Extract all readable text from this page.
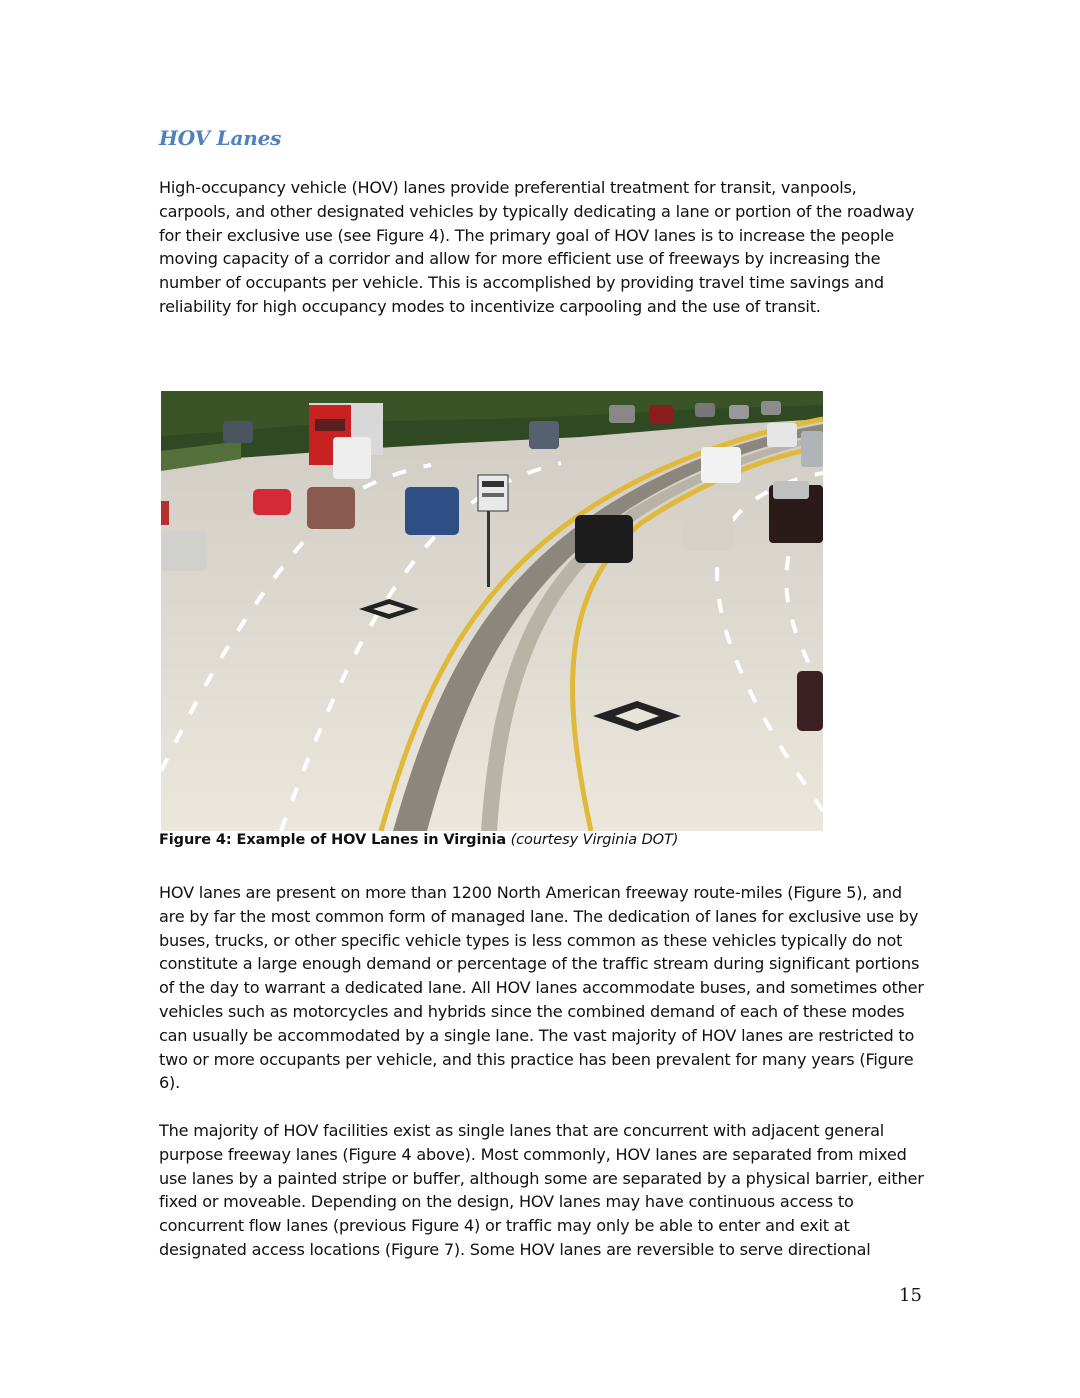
HOV Lanes

High-occupancy vehicle (HOV) lanes provide preferential treatment for transit, vanpools, carpools, and other designated vehicles by typically dedicating a lane or portion of the roadway for their exclusive use (see Figure 4). The primary goal of HOV lanes is to increase the people moving capacity of a corridor and allow for more efficient use of freeways by increasing the number of occupants per vehicle. This is accomplished by providing travel time savings and reliability for high occupancy modes to incentivize carpooling and the use of transit.

Figure 4: Example of HOV Lanes in Virginia (courtesy Virginia DOT)

HOV lanes are present on more than 1200 North American freeway route-miles (Figure 5), and are by far the most common form of managed lane. The dedication of lanes for exclusive use by buses, trucks, or other specific vehicle types is less common as these vehicles typically do not constitute a large enough demand or percentage of the traffic stream during significant portions of the day to warrant a dedicated lane. All HOV lanes accommodate buses, and sometimes other vehicles such as motorcycles and hybrids since the combined demand of each of these modes can usually be accommodated by a single lane. The vast majority of HOV lanes are restricted to two or more occupants per vehicle, and this practice has been prevalent for many years (Figure 6).

The majority of HOV facilities exist as single lanes that are concurrent with adjacent general purpose freeway lanes (Figure 4 above). Most commonly, HOV lanes are separated from mixed use lanes by a painted stripe or buffer, although some are separated by a physical barrier, either fixed or moveable. Depending on the design, HOV lanes may have continuous access to concurrent flow lanes (previous Figure 4) or traffic may only be able to enter and exit at designated access locations (Figure 7). Some HOV lanes are reversible to serve directional

15
